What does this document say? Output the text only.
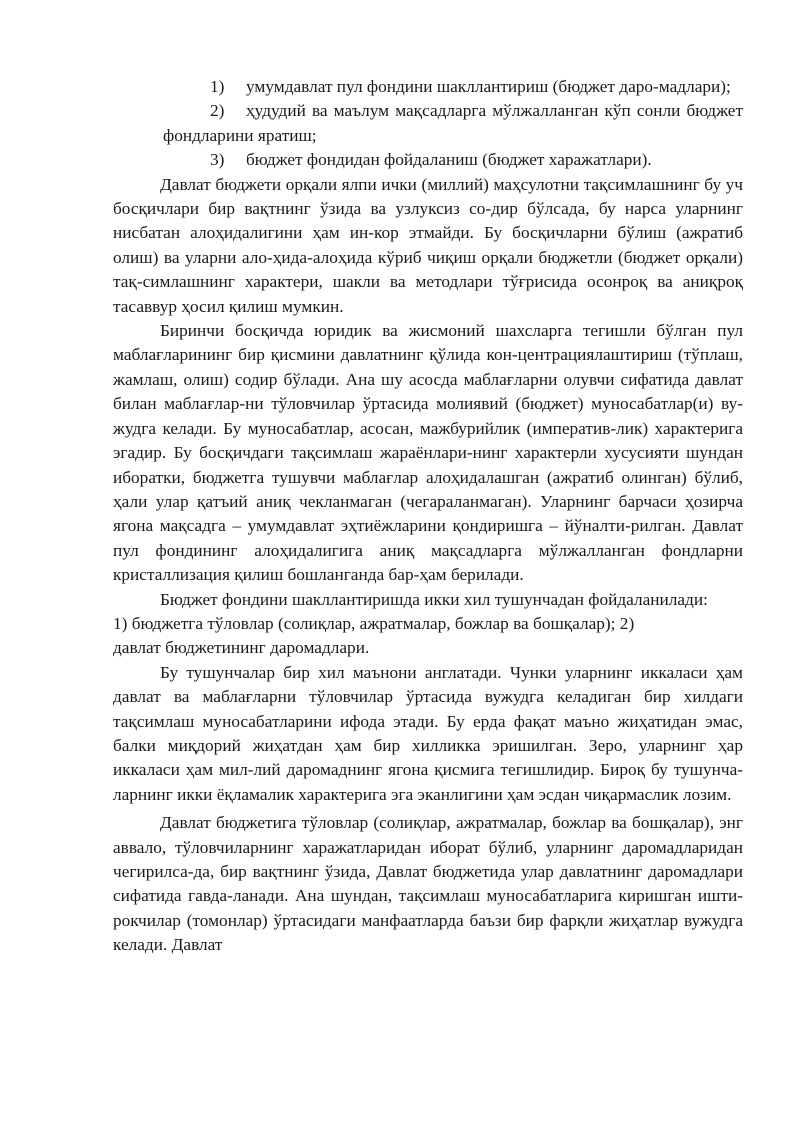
1) умумдавлат пул фондини шакллантириш (бюджет даро-мадлари);

2) ҳудудий ва маълум мақсадларга мўлжалланган кўп сонли бюджет фондларини яратиш;

3) бюджет фондидан фойдаланиш (бюджет харажатлари).

Давлат бюджети орқали ялпи ички (миллий) маҳсулотни тақсимлашнинг бу уч босқичлари бир вақтнинг ўзида ва узлуксиз со-дир бўлсада, бу нарса уларнинг нисбатан алоҳидалигини ҳам ин-кор этмайди. Бу босқичларни бўлиш (ажратиб олиш) ва уларни ало-ҳида-алоҳида кўриб чиқиш орқали бюджетли (бюджет орқали) тақ-симлашнинг характери, шакли ва методлари тўғрисида осонроқ ва аниқроқ тасаввур ҳосил қилиш мумкин.

Биринчи босқичда юридик ва жисмоний шахсларга тегишли бўлган пул маблағларининг бир қисмини давлатнинг қўлида кон-центрациялаштириш (тўплаш, жамлаш, олиш) содир бўлади. Ана шу асосда маблағларни олувчи сифатида давлат билан маблағлар-ни тўловчилар ўртасида молиявий (бюджет) муносабатлар(и) ву-жудга келади. Бу муносабатлар, асосан, мажбурийлик (императив-лик) характерига эгадир. Бу босқичдаги тақсимлаш жараёнлари-нинг характерли хусусияти шундан иборатки, бюджетга тушувчи маблағлар алоҳидалашган (ажратиб олинган) бўлиб, ҳали улар қатъий аниқ чекланмаган (чегараланмаган). Уларнинг барчаси ҳозирча ягона мақсадга – умумдавлат эҳтиёжларини қондиришга – йўналти-рилган. Давлат пул фондининг алоҳидалигига аниқ мақсадларга мўлжалланган фондларни кристаллизация қилиш бошланганда бар-ҳам берилади.

Бюджет фондини шакллантиришда икки хил тушунчадан фойдаланилади:

1) бюджетга тўловлар (солиқлар, ажратмалар, божлар ва бошқалар); 2)

давлат бюджетининг даромадлари.

Бу тушунчалар бир хил маънони англатади. Чунки уларнинг иккаласи ҳам давлат ва маблағларни тўловчилар ўртасида вужудга келадиган бир хилдаги тақсимлаш муносабатларини ифода этади. Бу ерда фақат маъно жиҳатидан эмас, балки миқдорий жиҳатдан ҳам бир хилликка эришилган. Зеро, уларнинг ҳар иккаласи ҳам мил-лий даромаднинг ягона қисмига тегишлидир. Бироқ бу тушунча-ларнинг икки ёқламалик характерига эга эканлигини ҳам эсдан чиқармаслик лозим.

Давлат бюджетига тўловлар (солиқлар, ажратмалар, божлар ва бошқалар), энг аввало, тўловчиларнинг харажатларидан иборат бўлиб, уларнинг даромадларидан чегирилса-да, бир вақтнинг ўзида, Давлат бюджетида улар давлатнинг даромадлари сифатида гавда-ланади. Ана шундан, тақсимлаш муносабатларига киришган ишти-рокчилар (томонлар) ўртасидаги манфаатларда баъзи бир фарқли жиҳатлар вужудга келади. Давлат
